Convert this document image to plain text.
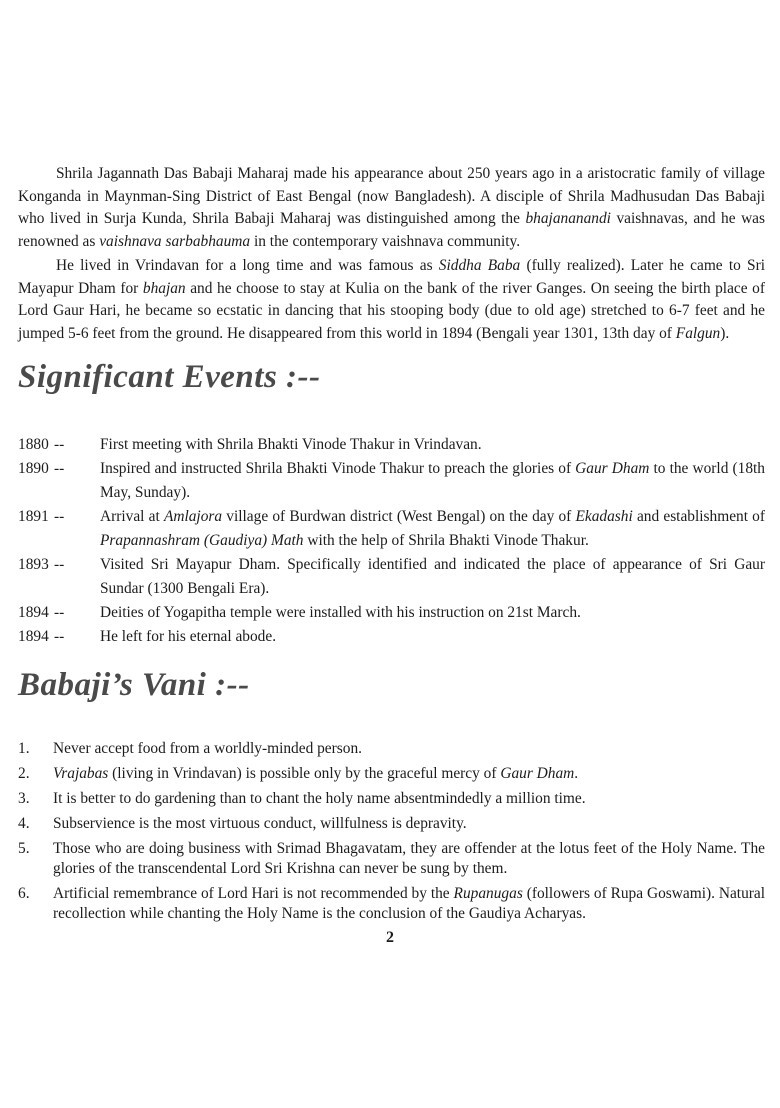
Shrila Jagannath Das Babaji Maharaj made his appearance about 250 years ago in a aristocratic family of village Konganda in Maynman-Sing District of East Bengal (now Bangladesh). A disciple of Shrila Madhusudan Das Babaji who lived in Surja Kunda, Shrila Babaji Maharaj was distinguished among the bhajananandi vaishnavas, and he was renowned as vaishnava sarbabhauma in the contemporary vaishnava community.

He lived in Vrindavan for a long time and was famous as Siddha Baba (fully realized). Later he came to Sri Mayapur Dham for bhajan and he choose to stay at Kulia on the bank of the river Ganges. On seeing the birth place of Lord Gaur Hari, he became so ecstatic in dancing that his stooping body (due to old age) stretched to 6-7 feet and he jumped 5-6 feet from the ground. He disappeared from this world in 1894 (Bengali year 1301, 13th day of Falgun).

Significant Events :--
1880 --	First meeting with Shrila Bhakti Vinode Thakur in Vrindavan.
1890 --	Inspired and instructed Shrila Bhakti Vinode Thakur to preach the glories of Gaur Dham to the world (18th May, Sunday).
1891 --	Arrival at Amlajora village of Burdwan district (West Bengal) on the day of Ekadashi and establishment of Prapannashram (Gaudiya) Math with the help of Shrila Bhakti Vinode Thakur.
1893 --	Visited Sri Mayapur Dham. Specifically identified and indicated the place of appearance of Sri Gaur Sundar (1300 Bengali Era).
1894 --	Deities of Yogapitha temple were installed with his instruction on 21st March.
1894 --	He left for his eternal abode.
Babaji’s Vani :--
1.	Never accept food from a worldly-minded person.
2.	Vrajabas (living in Vrindavan) is possible only by the graceful mercy of Gaur Dham.
3.	It is better to do gardening than to chant the holy name absentmindedly a million time.
4.	Subservience is the most virtuous conduct, willfulness is depravity.
5.	Those who are doing business with Srimad Bhagavatam, they are offender at the lotus feet of the Holy Name. The glories of the transcendental Lord Sri Krishna can never be sung by them.
6.	Artificial remembrance of Lord Hari is not recommended by the Rupanugas (followers of Rupa Goswami). Natural recollection while chanting the Holy Name is the conclusion of the Gaudiya Acharyas.
2
